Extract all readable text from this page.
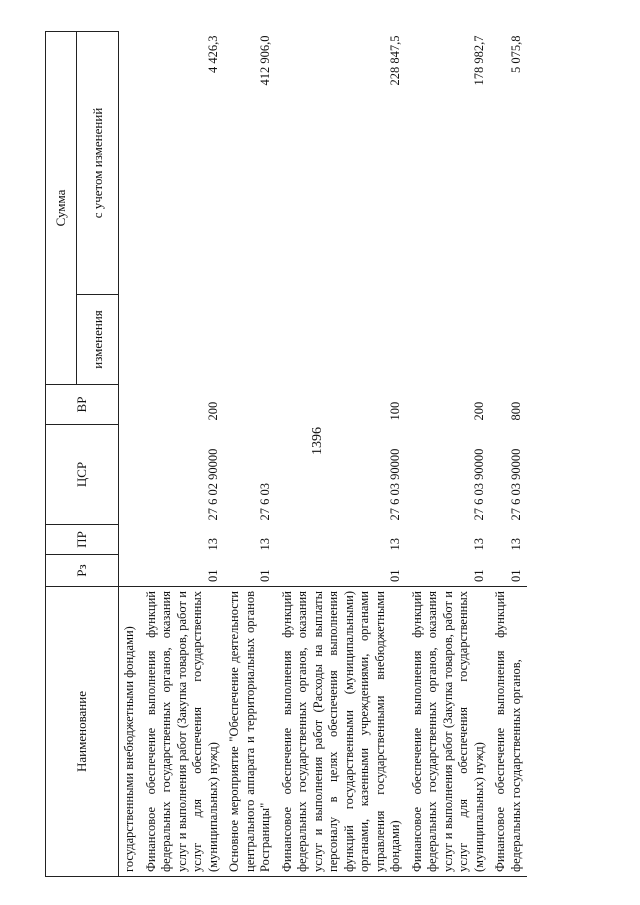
1396
Наименование	Рз	ПР	ЦСР	ВР	Сумма	
					изменения	с учетом изменений
государственными внебюджетными фондами)						
Финансовое обеспечение выполнения функций федеральных государственных органов, оказания услуг и выполнения работ (Закупка товаров, работ и услуг для обеспечения государственных (муниципальных) нужд)	01	13	27 6 02 90000	200		4 426,3
Основное мероприятие "Обеспечение деятельности центрального аппарата и территориальных органов Росграницы"	01	13	27 6 03			412 906,0
Финансовое обеспечение выполнения функций федеральных государственных органов, оказания услуг и выполнения работ (Расходы на выплаты персоналу в целях обеспечения выполнения функций государственными (муниципальными) органами, казенными учреждениями, органами управления государственными внебюджетными фондами)	01	13	27 6 03 90000	100		228 847,5
Финансовое обеспечение выполнения функций федеральных государственных органов, оказания услуг и выполнения работ (Закупка товаров, работ и услуг для обеспечения государственных (муниципальных) нужд)	01	13	27 6 03 90000	200		178 982,7
Финансовое обеспечение выполнения функций федеральных государственных органов,	01	13	27 6 03 90000	800		5 075,8
